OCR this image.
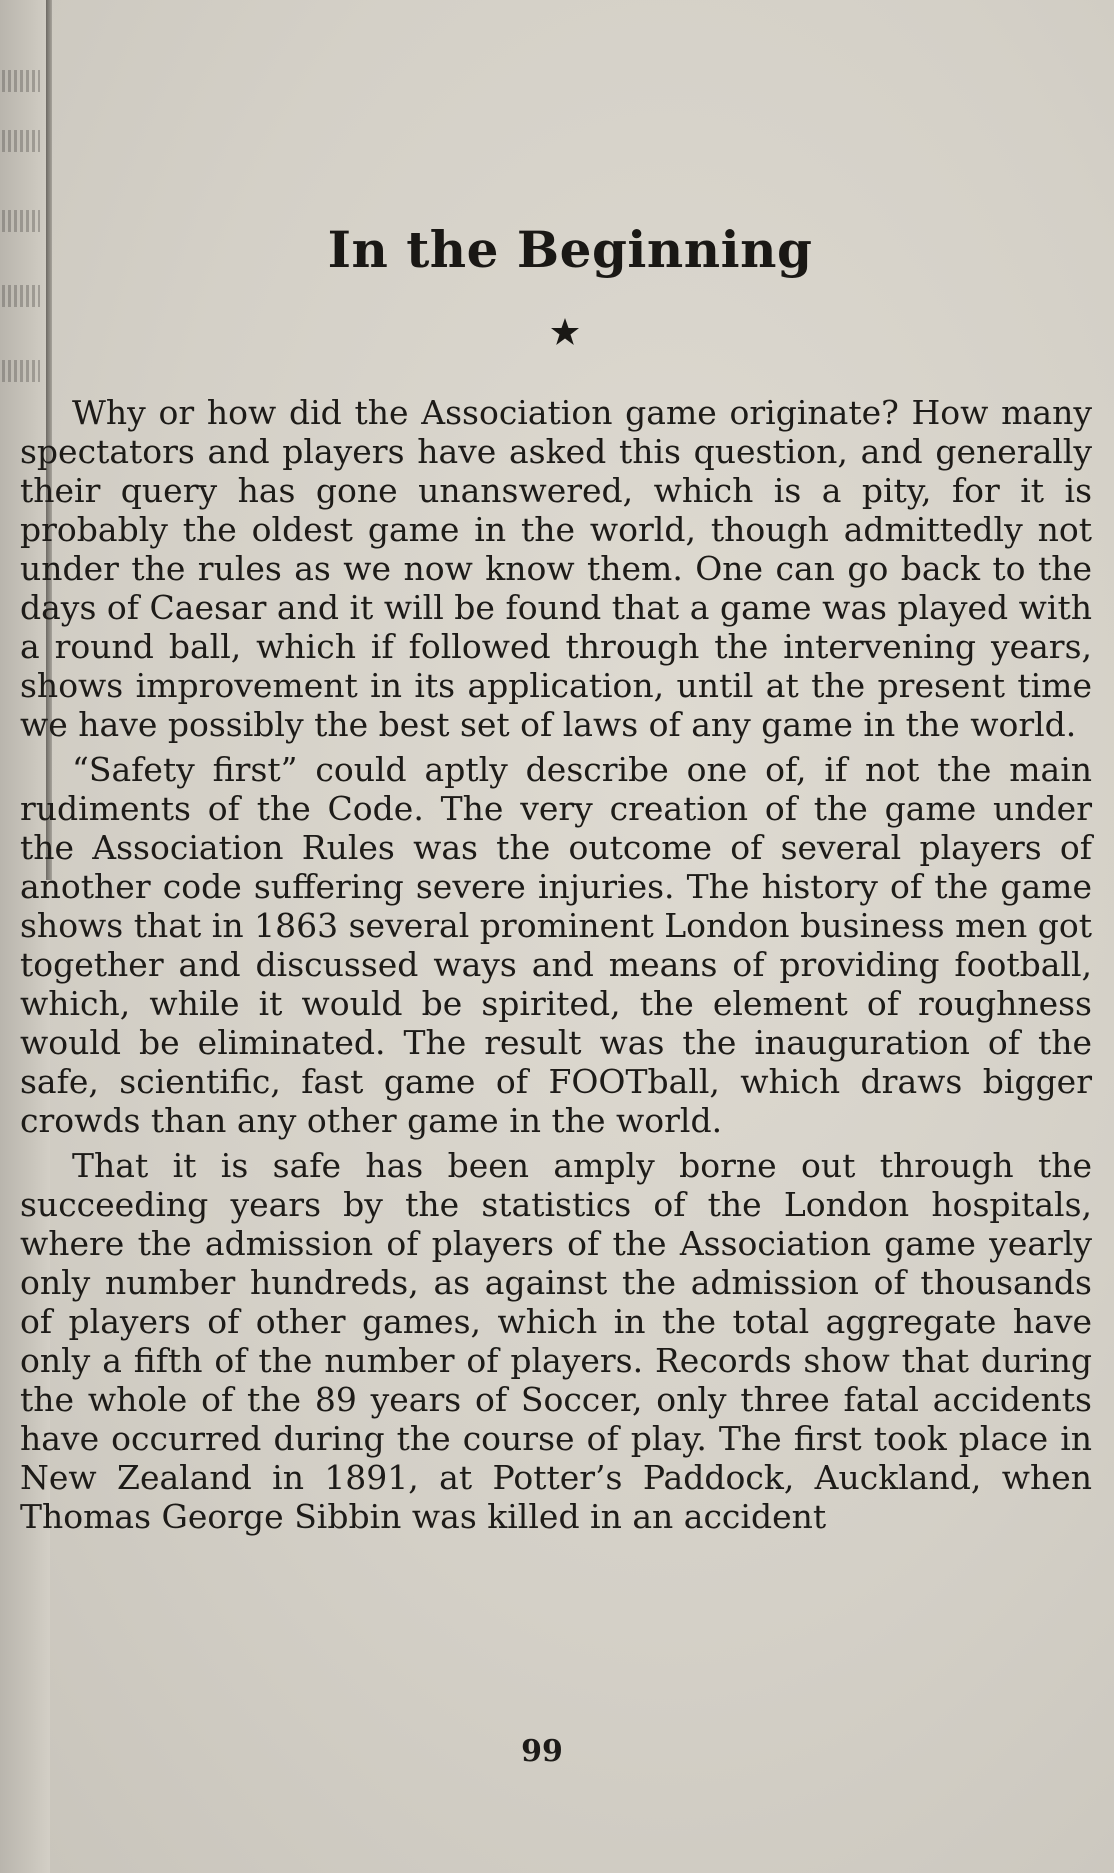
In the Beginning

Why or how did the Association game originate? How many spectators and players have asked this question, and generally their query has gone unanswered, which is a pity, for it is probably the oldest game in the world, though admittedly not under the rules as we now know them. One can go back to the days of Caesar and it will be found that a game was played with a round ball, which if followed through the intervening years, shows improvement in its application, until at the present time we have possibly the best set of laws of any game in the world.

“Safety first” could aptly describe one of, if not the main rudiments of the Code. The very creation of the game under the Association Rules was the outcome of several players of another code suffering severe injuries. The history of the game shows that in 1863 several prominent London business men got together and discussed ways and means of providing football, which, while it would be spirited, the element of roughness would be eliminated. The result was the inauguration of the safe, scientific, fast game of FOOTball, which draws bigger crowds than any other game in the world.

That it is safe has been amply borne out through the succeeding years by the statistics of the London hospitals, where the admission of players of the Association game yearly only number hundreds, as against the admission of thousands of players of other games, which in the total aggregate have only a fifth of the number of players. Records show that during the whole of the 89 years of Soccer, only three fatal accidents have occurred during the course of play. The first took place in New Zealand in 1891, at Potter’s Paddock, Auckland, when Thomas George Sibbin was killed in an accident

99
